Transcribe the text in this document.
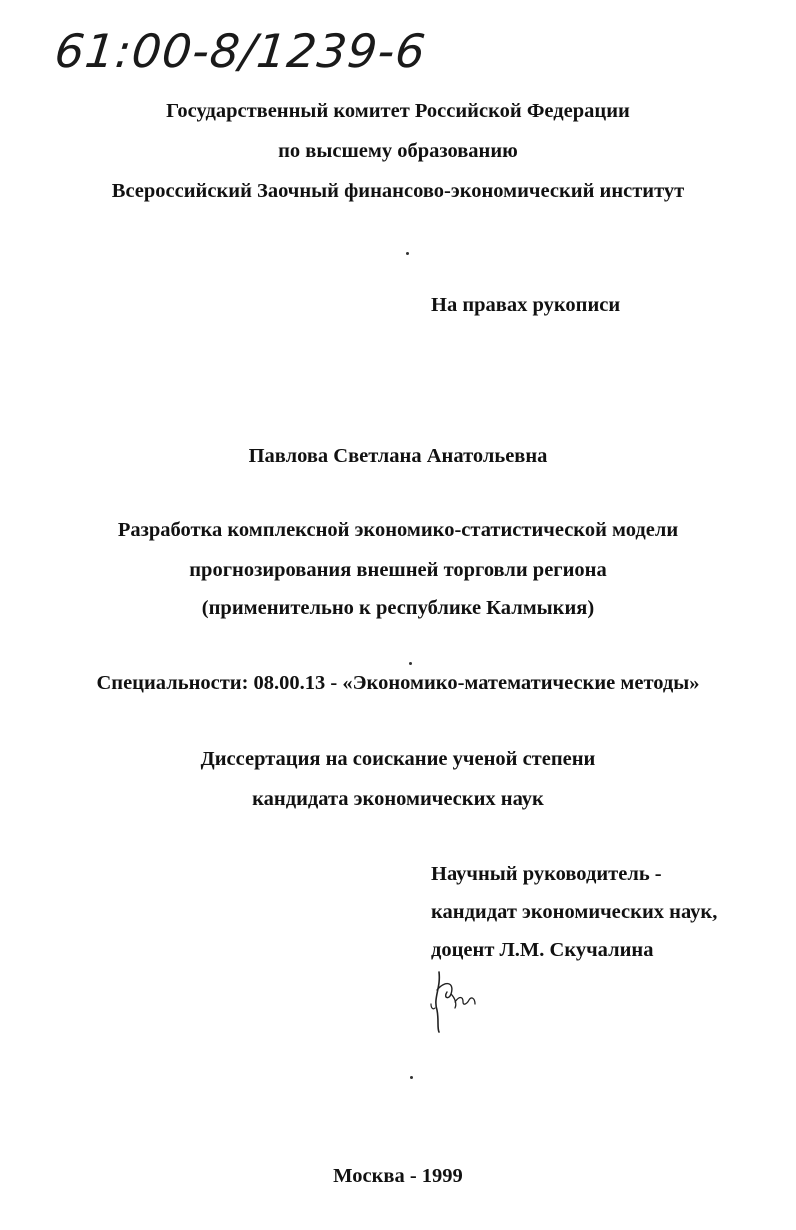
61:00-8/1239-6
Государственный комитет Российской Федерации
по высшему образованию
Всероссийский Заочный финансово-экономический институт
На правах рукописи
Павлова Светлана Анатольевна
Разработка комплексной экономико-статистической модели
прогнозирования внешней торговли региона
(применительно к республике Калмыкия)
Специальности: 08.00.13 - «Экономико-математические методы»
Диссертация на соискание ученой степени
кандидата экономических наук
Научный руководитель -
кандидат экономических наук,
доцент Л.М. Скучалина
Москва - 1999
